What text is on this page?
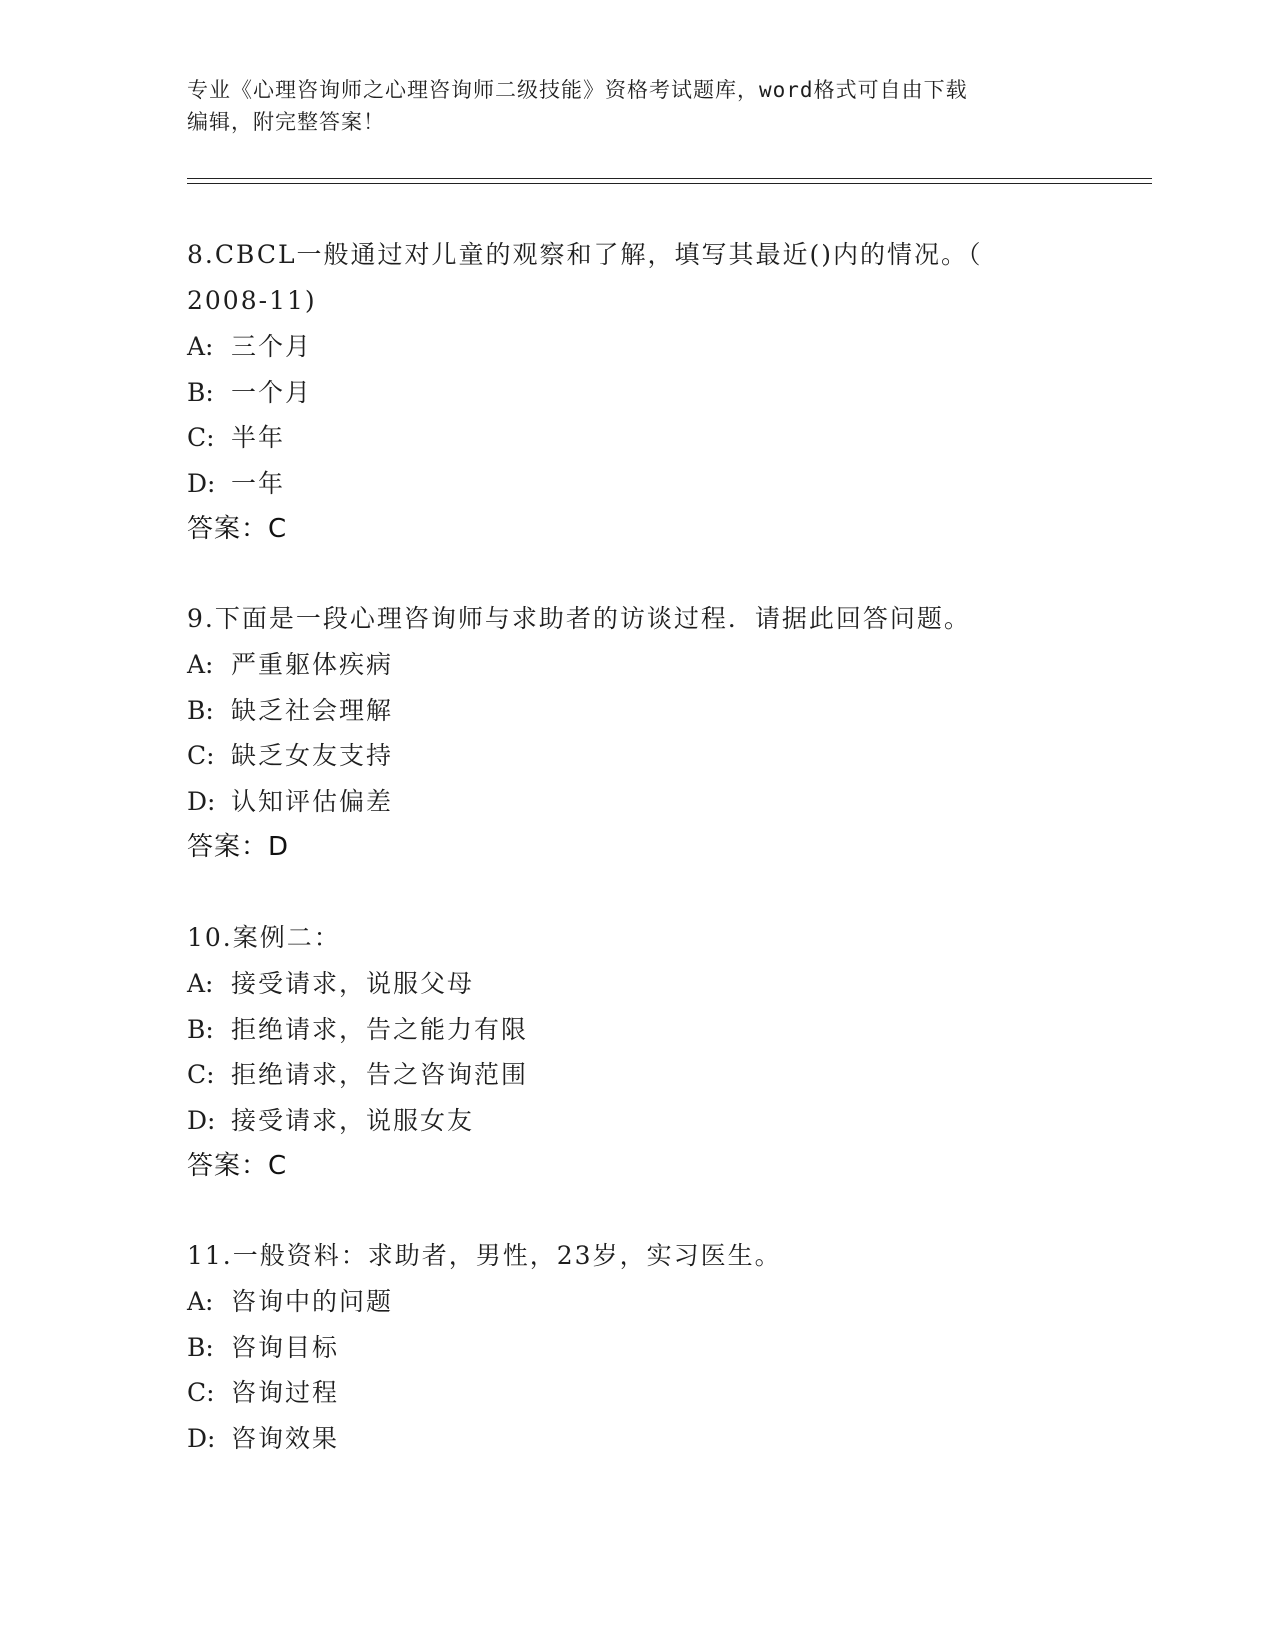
专业《心理咨询师之心理咨询师二级技能》资格考试题库，word格式可自由下载
编辑，附完整答案！

8.CBCL一般通过对儿童的观察和了解，填写其最近()内的情况。（

2008-11)

A: 三个月

B: 一个月

C: 半年

D: 一年

答案：C

9.下面是一段心理咨询师与求助者的访谈过程．请据此回答问题。

A: 严重躯体疾病

B: 缺乏社会理解

C: 缺乏女友支持

D: 认知评估偏差

答案：D

10.案例二：

A: 接受请求，说服父母

B: 拒绝请求，告之能力有限

C: 拒绝请求，告之咨询范围

D: 接受请求，说服女友

答案：C

11.一般资料：求助者，男性，23岁，实习医生。

A: 咨询中的问题

B: 咨询目标

C: 咨询过程

D: 咨询效果
